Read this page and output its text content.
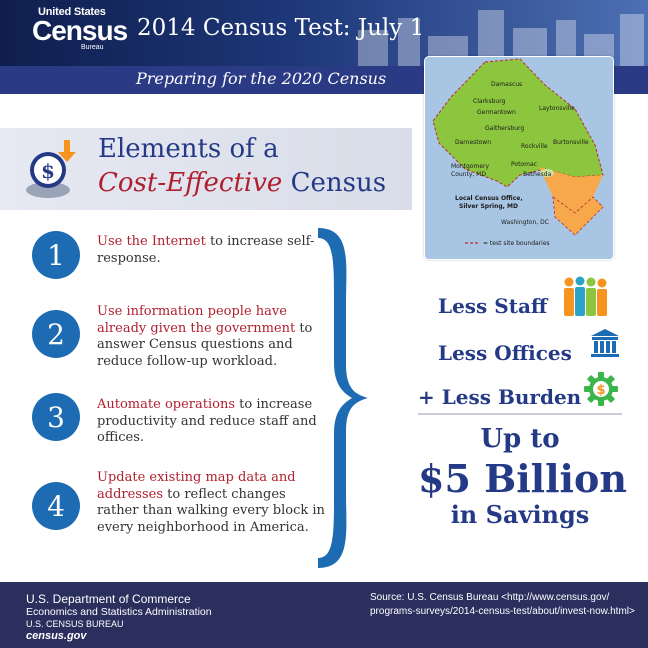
United States
Census
Bureau
2014 Census Test: July 1
Preparing for the 2020 Census	Damascus
Clarksburg
Germantown
Laytonsville
Gaithersburg
Darnestown
Rockville
Burtonsville
Potomac
Bethesda
Montgomery
County, MD
Local Census Office,
Silver Spring, MD
Washington, DC
= test site boundaries
$
Elements of a
Cost-Effective Census
1	Use the Internet to increase self-response.
2
Use information people have already given the government to answer Census questions and reduce follow-up workload.
3	Automate operations to increase productivity and reduce staff and offices.
4
Update existing map data and addresses to reflect changes rather than walking every block in every neighborhood in America.
Less Staff
Less Offices
+ Less Burden $
Up to
$5 Billion
in Savings
U.S. Department of Commerce
Economics and Statistics Administration
U.S. CENSUS BUREAU
census.gov
Source: U.S. Census Bureau <http://www.census.gov/
programs-surveys/2014-census-test/about/invest-now.html>
